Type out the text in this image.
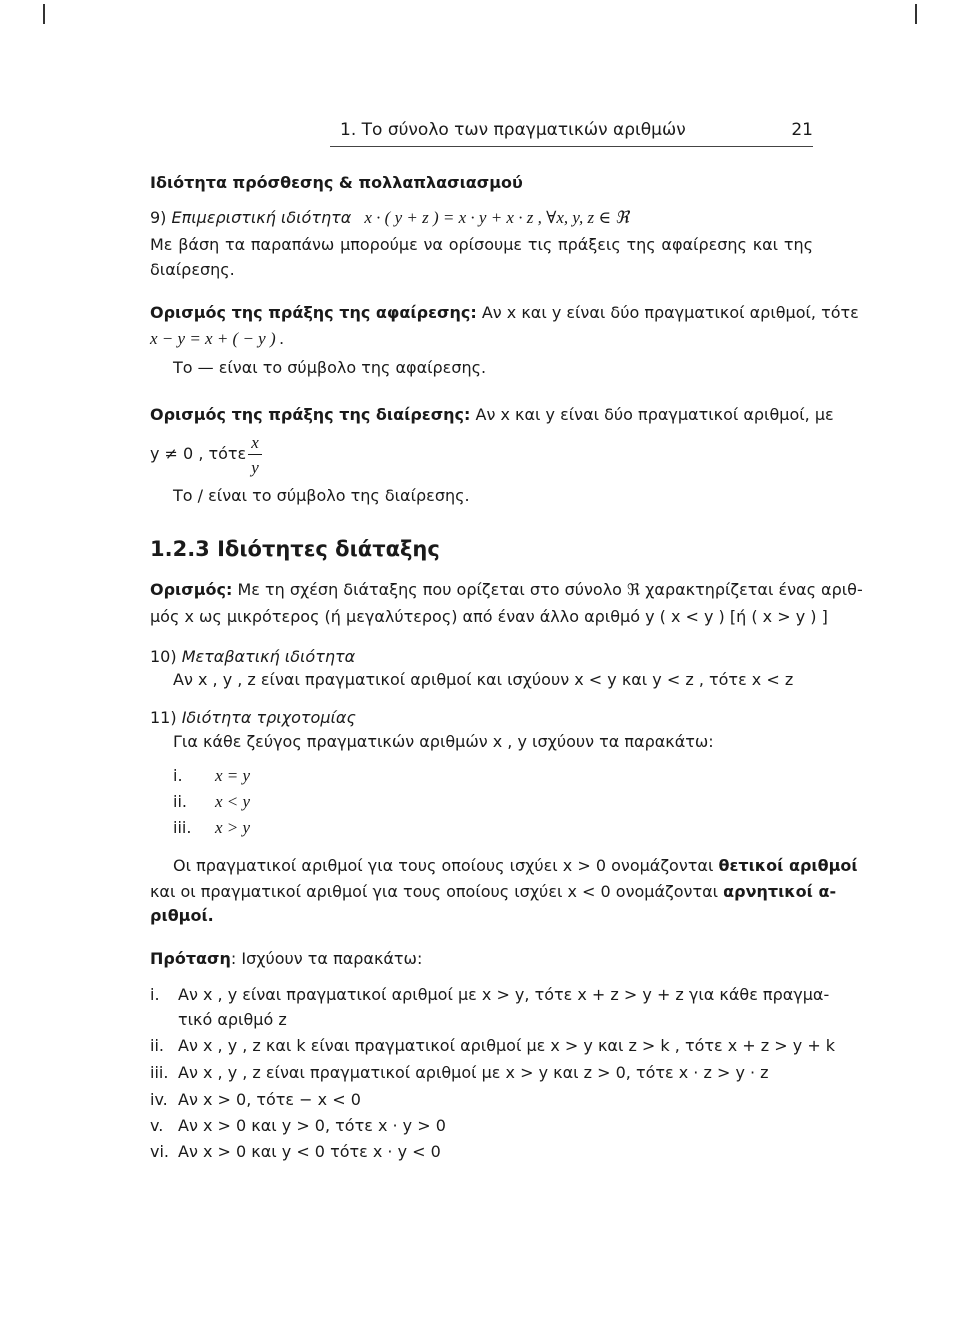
1. Το σύνολο των πραγματικών αριθμών	21
Ιδιότητα πρόσθεσης & πολλαπλασιασμού
9) Επιμεριστική ιδιότητα x · ( y + z ) = x · y + x · z , ∀x, y, z ∈ ℜ
Με βάση τα παραπάνω μπορούμε να ορίσουμε τις πράξεις της αφαίρεσης και της
διαίρεσης.
Ορισμός της πράξης της αφαίρεσης: Αν x και y είναι δύο πραγματικοί αριθμοί, τότε
x − y = x + ( − y ) .
Το — είναι το σύμβολο της αφαίρεσης.
Ορισμός της πράξης της διαίρεσης: Αν x και y είναι δύο πραγματικοί αριθμοί, με
y ≠ 0 , τότε
x
y
Το / είναι το σύμβολο της διαίρεσης.
1.2.3 Ιδιότητες διάταξης
Ορισμός: Με τη σχέση διάταξης που ορίζεται στο σύνολο ℜ χαρακτηρίζεται ένας αριθ-
μός x ως μικρότερος (ή μεγαλύτερος) από έναν άλλο αριθμό y ( x < y ) [ή ( x > y ) ]
10) Μεταβατική ιδιότητα
Αν x , y , z είναι πραγματικοί αριθμοί και ισχύουν x < y και y < z , τότε x < z
11) Ιδιότητα τριχοτομίας
Για κάθε ζεύγος πραγματικών αριθμών x , y ισχύουν τα παρακάτω:
i. x = y
ii. x < y
iii. x > y
Οι πραγματικοί αριθμοί για τους οποίους ισχύει x > 0 ονομάζονται θετικοί αριθμοί
και οι πραγματικοί αριθμοί για τους οποίους ισχύει x < 0 ονομάζονται αρνητικοί α-
ριθμοί.
Πρόταση: Ισχύουν τα παρακάτω:
i. Αν x , y είναι πραγματικοί αριθμοί με x > y, τότε x + z > y + z για κάθε πραγμα-
τικό αριθμό z
ii. Αν x , y , z και k είναι πραγματικοί αριθμοί με x > y και z > k , τότε x + z > y + k
iii. Αν x , y , z είναι πραγματικοί αριθμοί με x > y και z > 0, τότε x · z > y · z
iv. Αν x > 0, τότε − x < 0
v. Αν x > 0 και y > 0, τότε x · y > 0
vi. Αν x > 0 και y < 0 τότε x · y < 0
